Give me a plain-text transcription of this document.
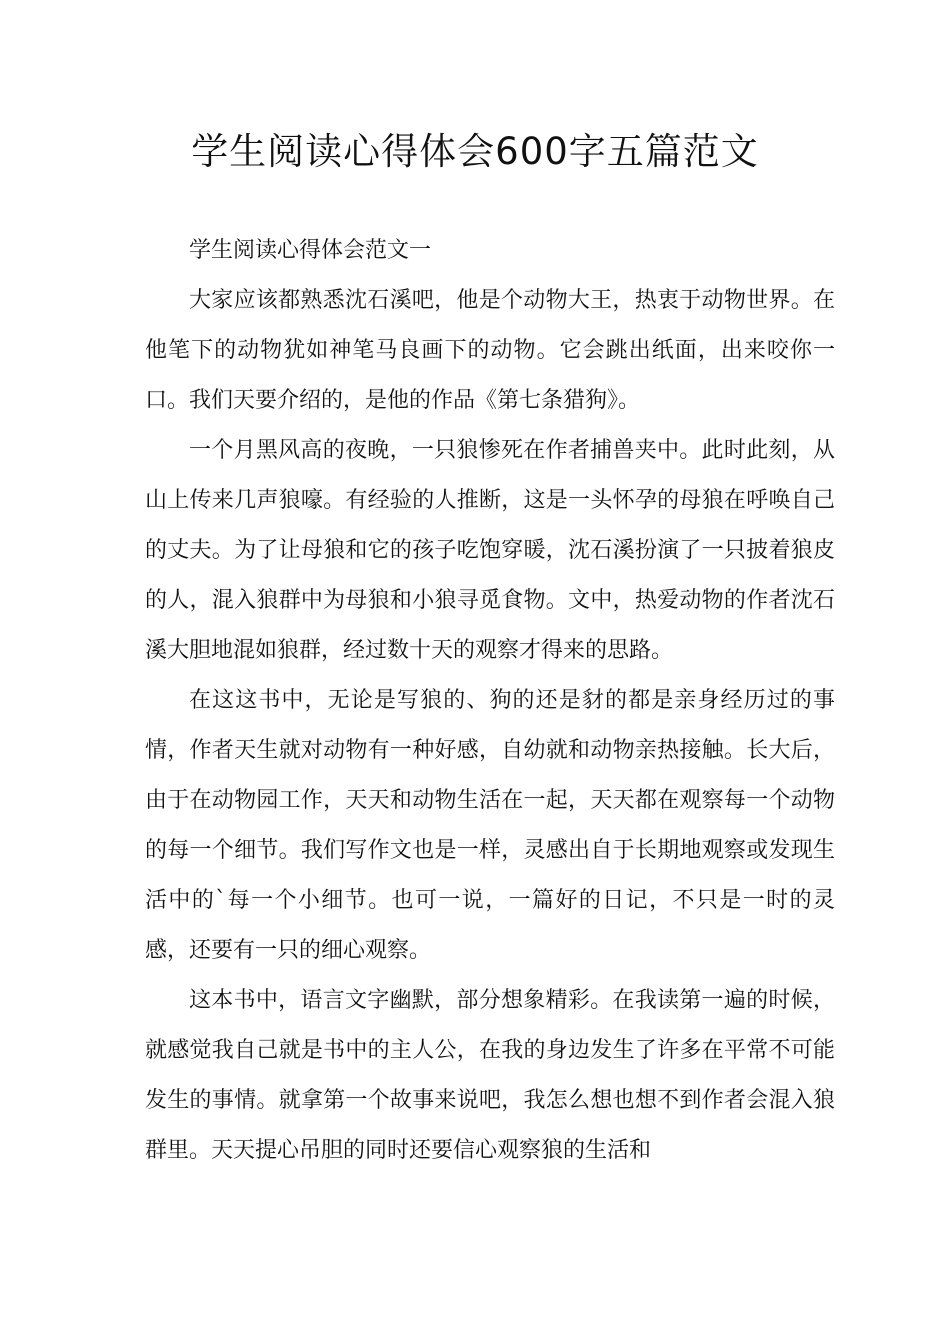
学生阅读心得体会600字五篇范文

学生阅读心得体会范文一

大家应该都熟悉沈石溪吧，他是个动物大王，热衷于动物世界。在他笔下的动物犹如神笔马良画下的动物。它会跳出纸面，出来咬你一口。我们天要介绍的，是他的作品《第七条猎狗》。

一个月黑风高的夜晚，一只狼惨死在作者捕兽夹中。此时此刻，从山上传来几声狼嚎。有经验的人推断，这是一头怀孕的母狼在呼唤自己的丈夫。为了让母狼和它的孩子吃饱穿暖，沈石溪扮演了一只披着狼皮的人，混入狼群中为母狼和小狼寻觅食物。文中，热爱动物的作者沈石溪大胆地混如狼群，经过数十天的观察才得来的思路。

在这这书中，无论是写狼的、狗的还是豺的都是亲身经历过的事情，作者天生就对动物有一种好感，自幼就和动物亲热接触。长大后，由于在动物园工作，天天和动物生活在一起，天天都在观察每一个动物的每一个细节。我们写作文也是一样，灵感出自于长期地观察或发现生活中的`每一个小细节。也可一说，一篇好的日记，不只是一时的灵感，还要有一只的细心观察。

这本书中，语言文字幽默，部分想象精彩。在我读第一遍的时候，就感觉我自己就是书中的主人公，在我的身边发生了许多在平常不可能发生的事情。就拿第一个故事来说吧，我怎么想也想不到作者会混入狼群里。天天提心吊胆的同时还要信心观察狼的生活和
